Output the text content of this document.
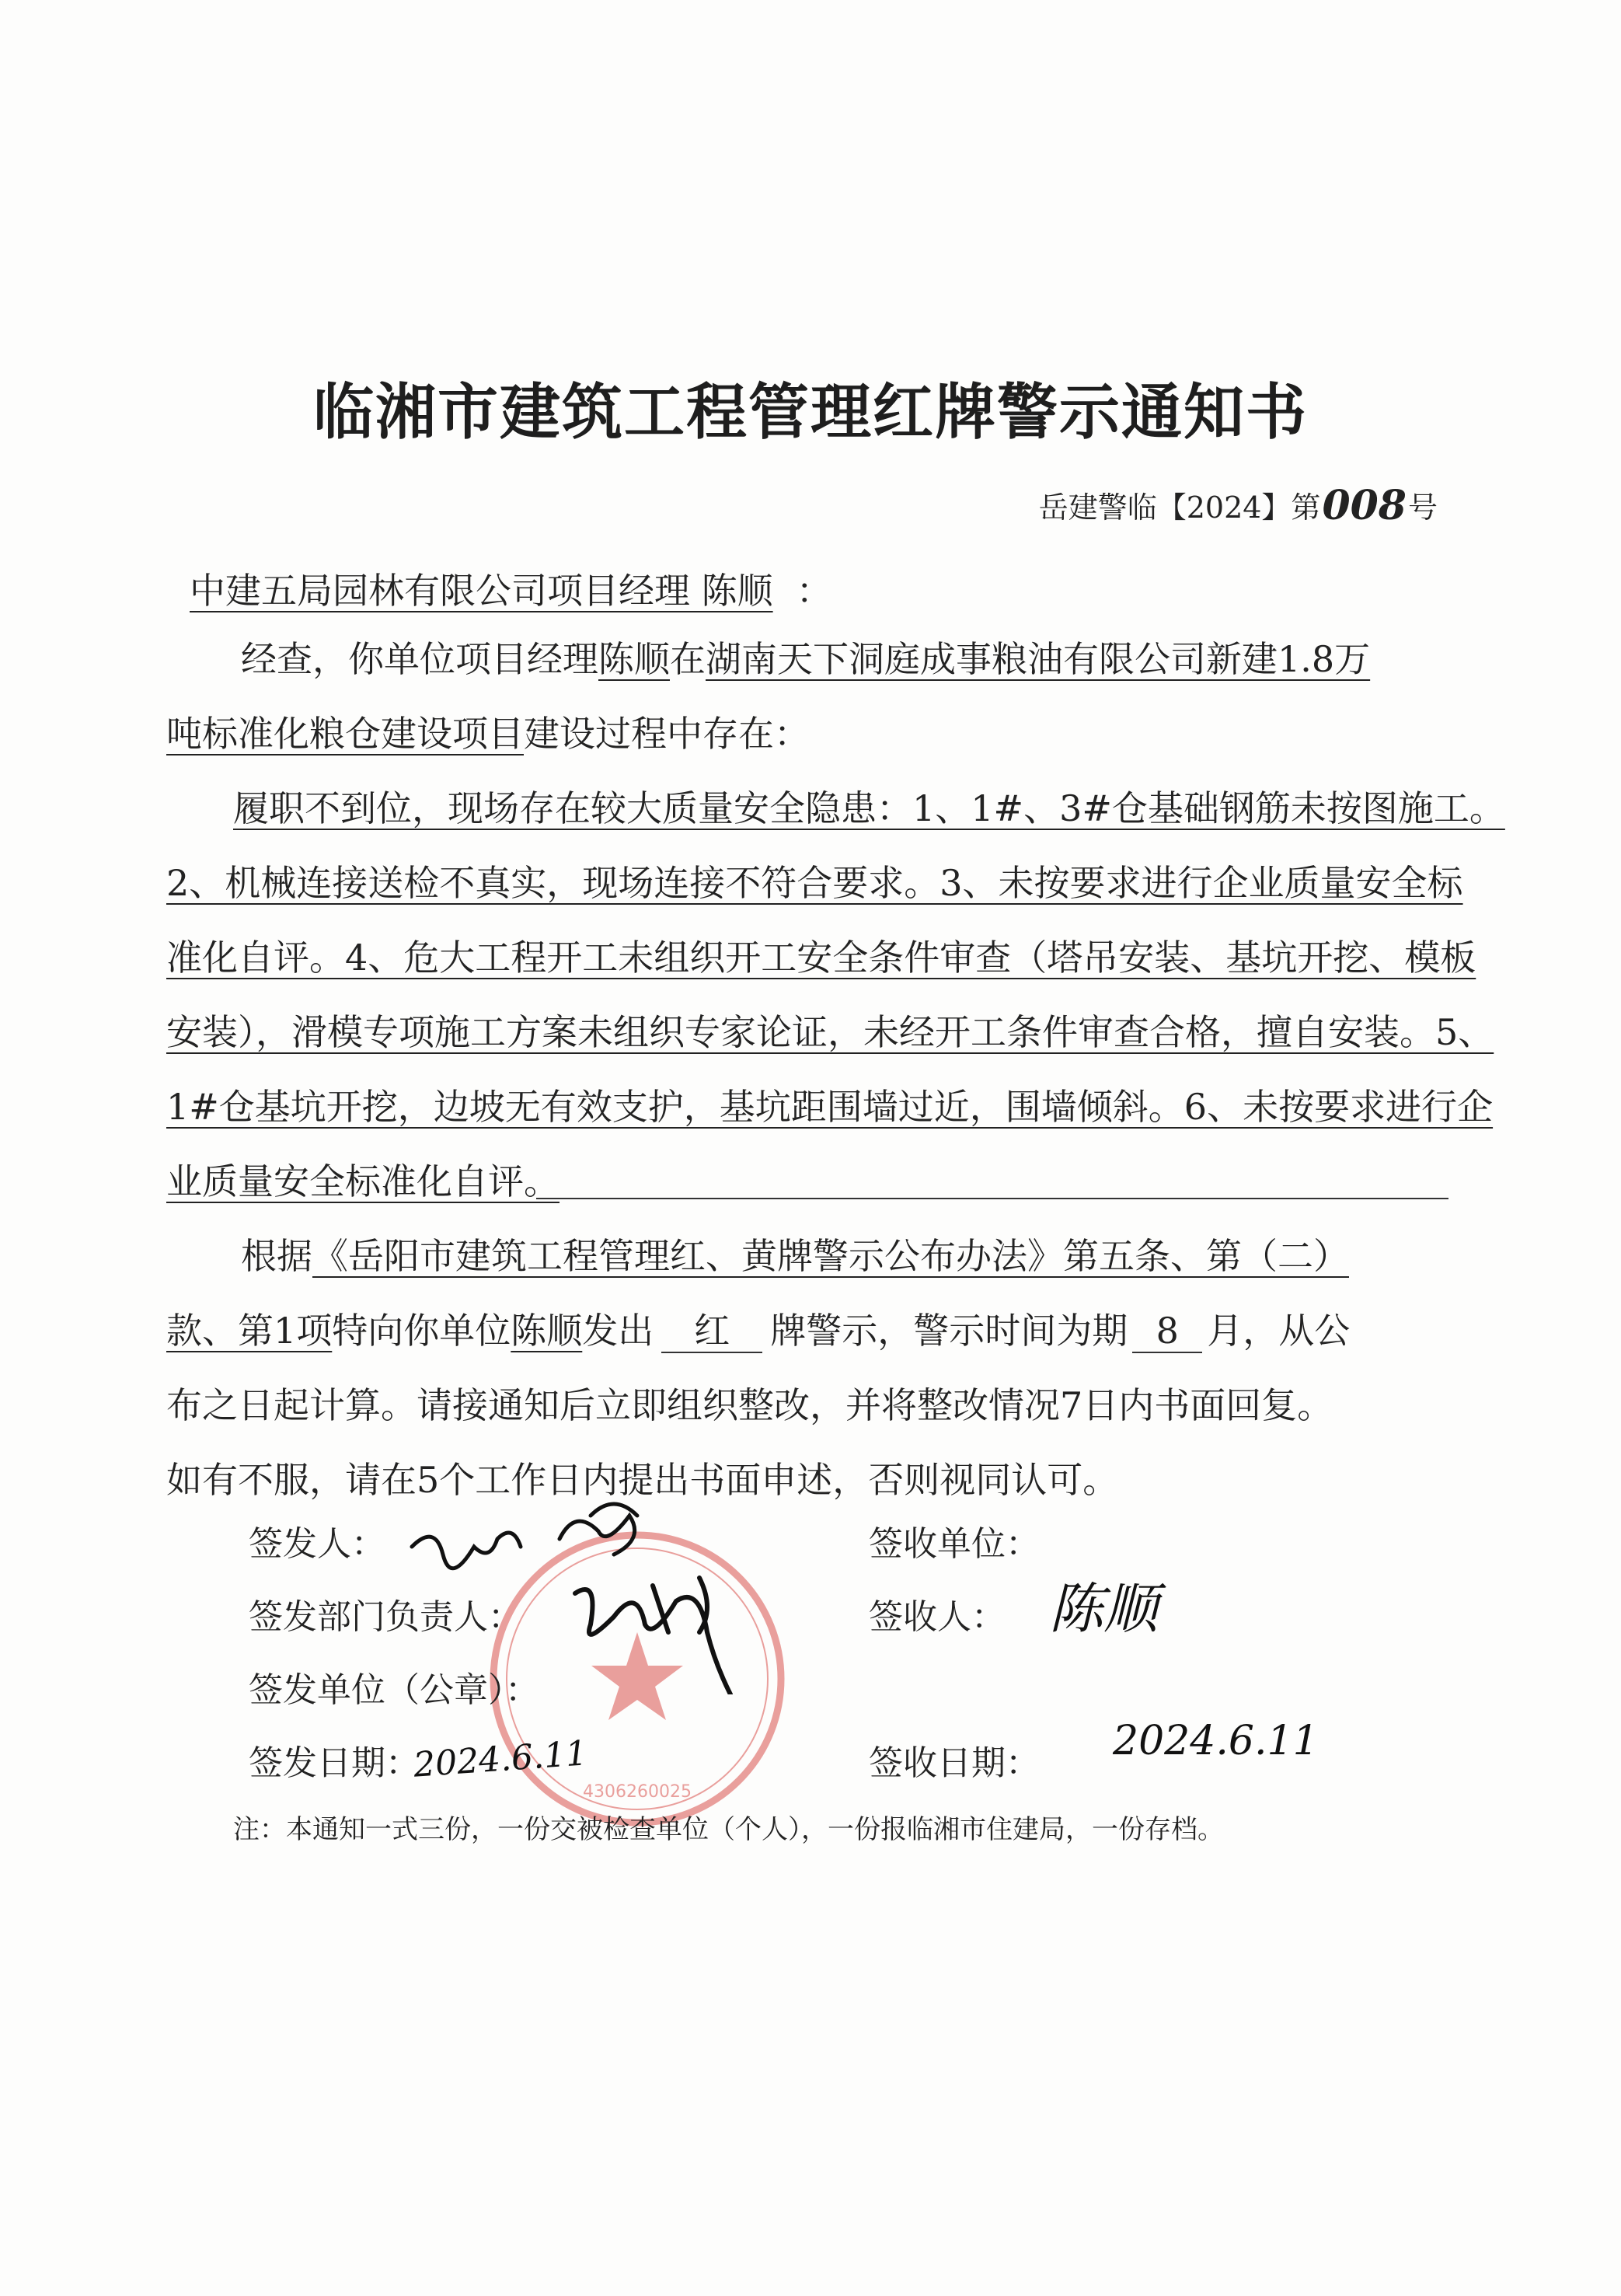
临湘市建筑工程管理红牌警示通知书
岳建警临【2024】第008号
中建五局园林有限公司项目经理 陈顺 ：
经查，你单位项目经理陈顺在湖南天下洞庭成事粮油有限公司新建1.8万
吨标准化粮仓建设项目建设过程中存在：
履职不到位，现场存在较大质量安全隐患：1、1#、3#仓基础钢筋未按图施工。
2、机械连接送检不真实，现场连接不符合要求。3、未按要求进行企业质量安全标
准化自评。4、危大工程开工未组织开工安全条件审查（塔吊安装、基坑开挖、模板
安装），滑模专项施工方案未组织专家论证，未经开工条件审查合格，擅自安装。5、
1#仓基坑开挖，边坡无有效支护，基坑距围墙过近，围墙倾斜。6、未按要求进行企
业质量安全标准化自评。
根据《岳阳市建筑工程管理红、黄牌警示公布办法》第五条、第（二）
款、第1项特向你单位陈顺发出 红 牌警示，警示时间为期 8 月，从公
布之日起计算。请接通知后立即组织整改，并将整改情况7日内书面回复。
如有不服，请在5个工作日内提出书面申述，否则视同认可。
4306260025
签发人：
签发部门负责人：
签发单位（公章）：
签发日期：
2024.6.11
签收单位：
签收人： 陈顺
签收日期： 2024.6.11
注：本通知一式三份，一份交被检查单位（个人），一份报临湘市住建局，一份存档。
